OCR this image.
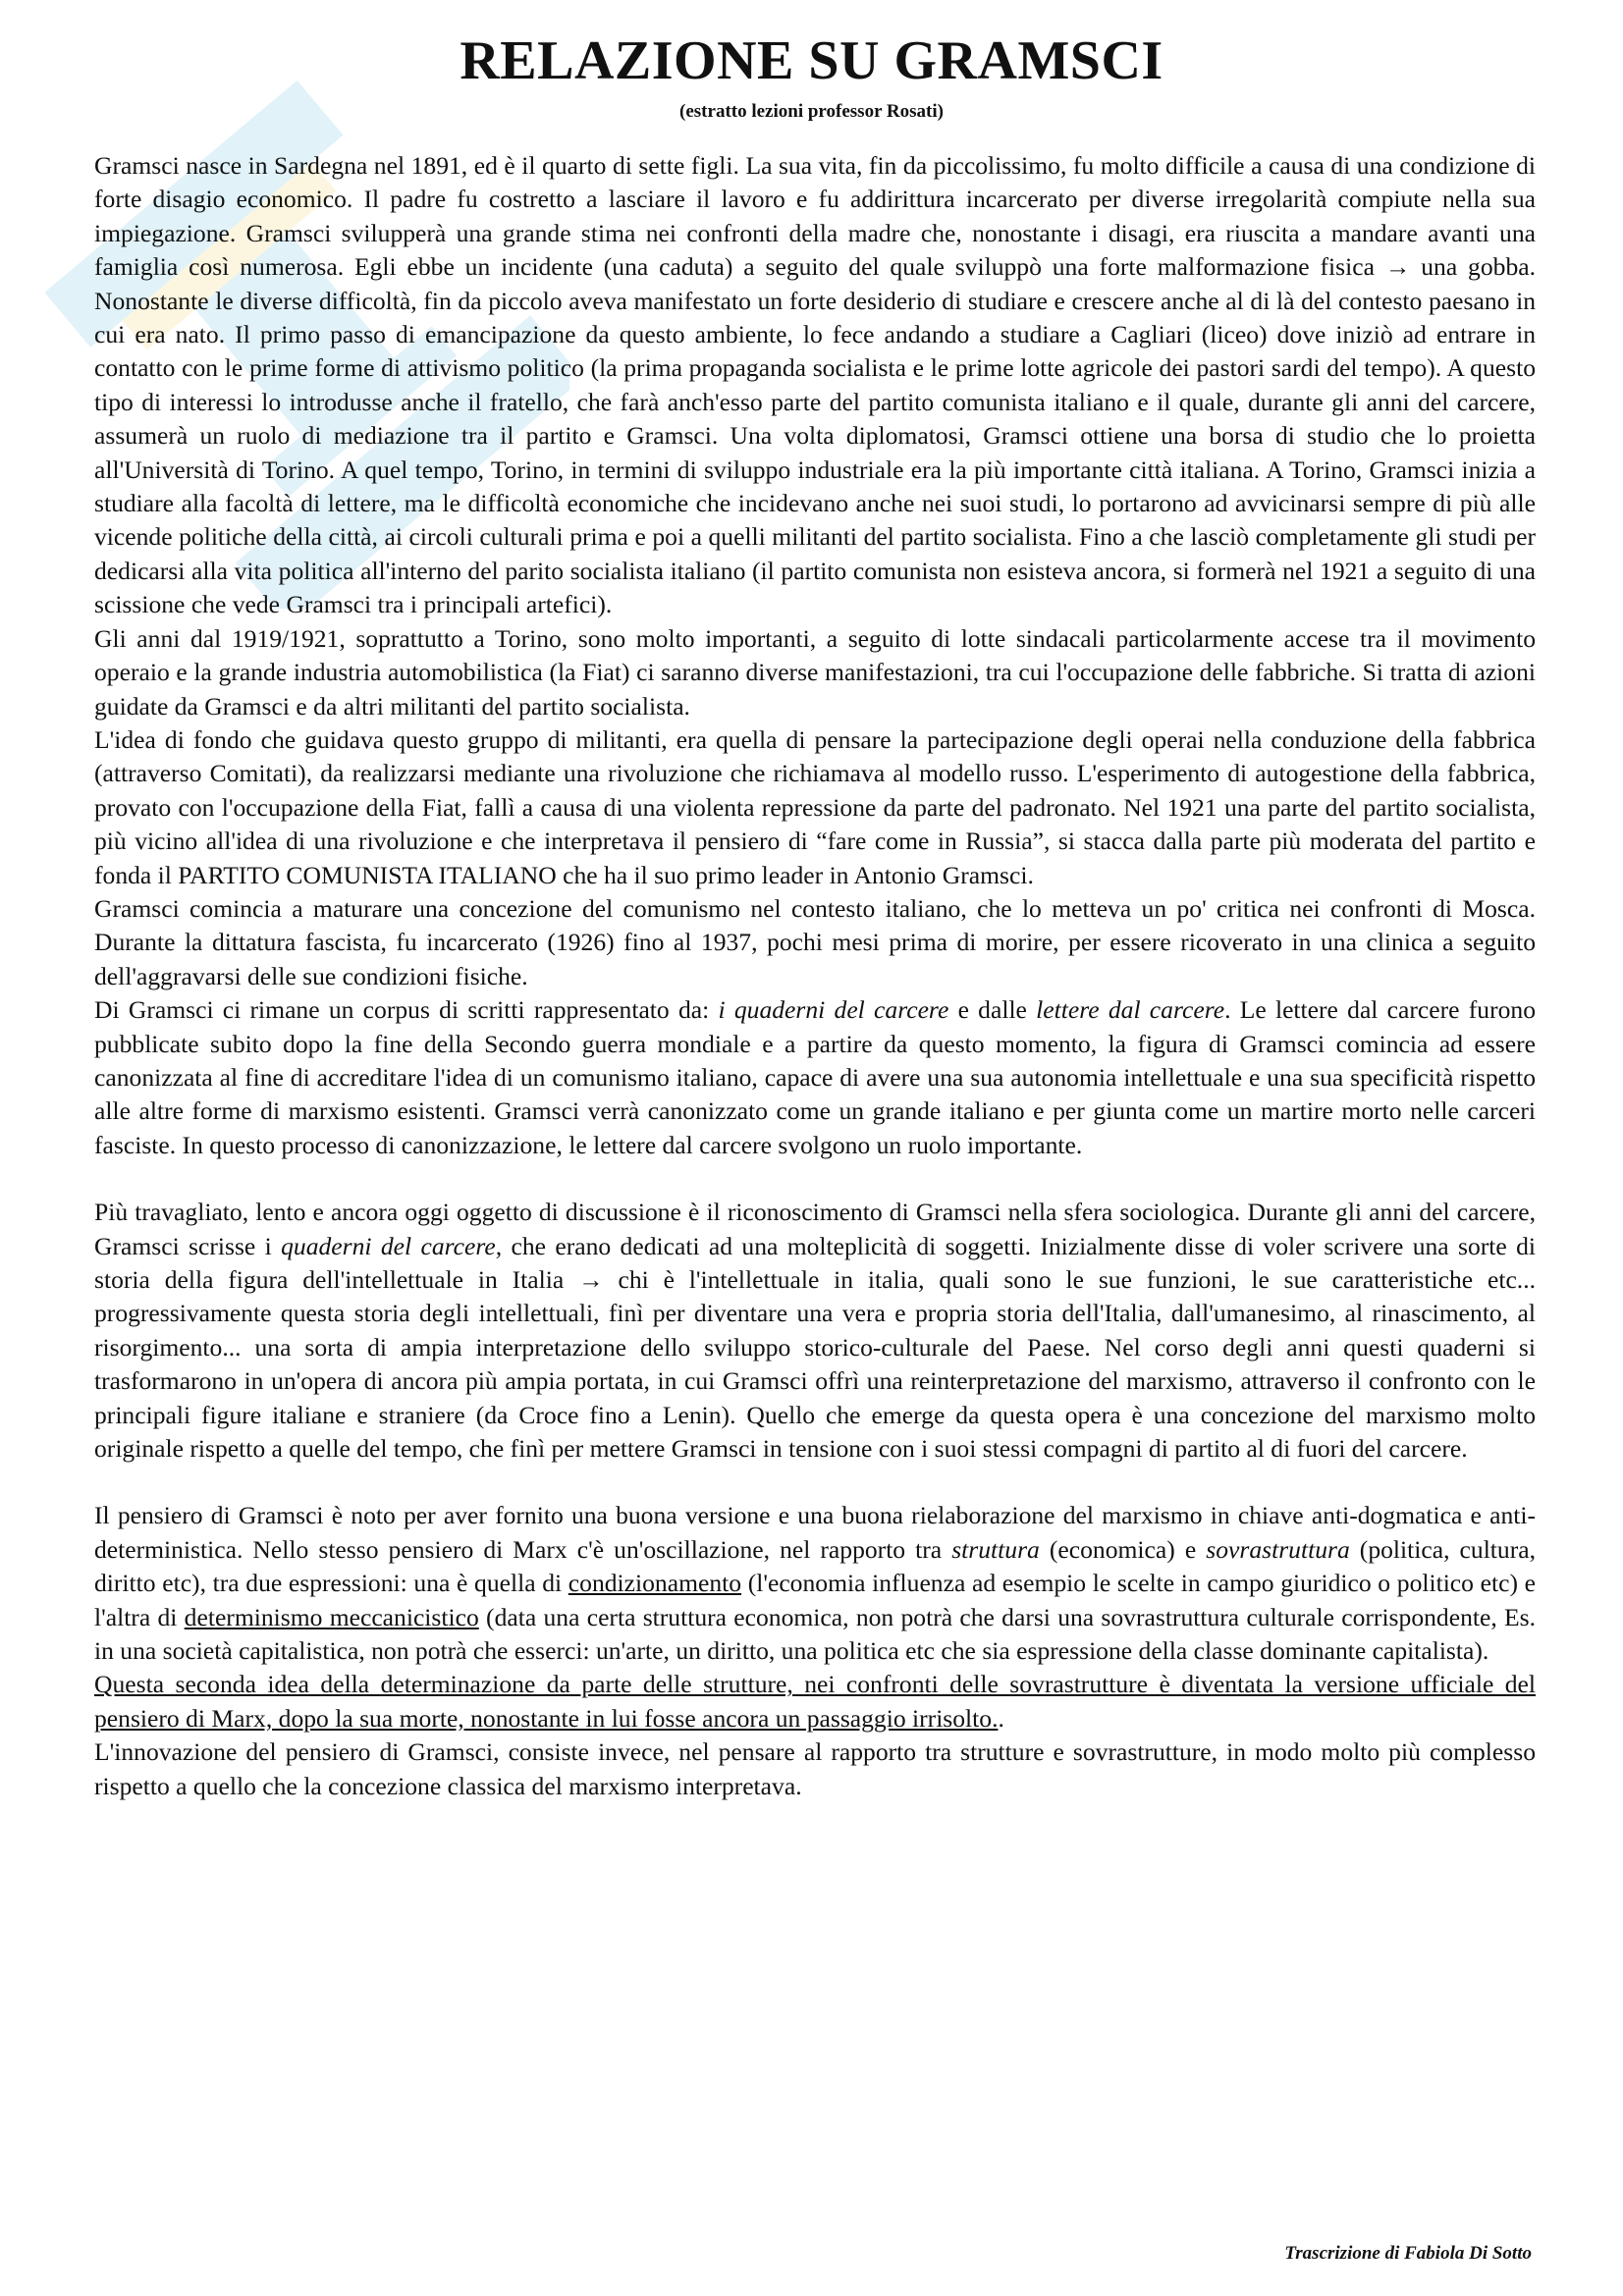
RELAZIONE SU GRAMSCI
(estratto lezioni professor Rosati)

Gramsci nasce in Sardegna nel 1891, ed è il quarto di sette figli. La sua vita, fin da piccolissimo, fu molto difficile a causa di una condizione di forte disagio economico. Il padre fu costretto a lasciare il lavoro e fu addirittura incarcerato per diverse irregolarità compiute nella sua impiegazione. Gramsci svilupperà una grande stima nei confronti della madre che, nonostante i disagi, era riuscita a mandare avanti una famiglia così numerosa. Egli ebbe un incidente (una caduta) a seguito del quale sviluppò una forte malformazione fisica → una gobba. Nonostante le diverse difficoltà, fin da piccolo aveva manifestato un forte desiderio di studiare e crescere anche al di là del contesto paesano in cui era nato. Il primo passo di emancipazione da questo ambiente, lo fece andando a studiare a Cagliari (liceo) dove iniziò ad entrare in contatto con le prime forme di attivismo politico (la prima propaganda socialista e le prime lotte agricole dei pastori sardi del tempo). A questo tipo di interessi lo introdusse anche il fratello, che farà anch'esso parte del partito comunista italiano e il quale, durante gli anni del carcere, assumerà un ruolo di mediazione tra il partito e Gramsci. Una volta diplomatosi, Gramsci ottiene una borsa di studio che lo proietta all'Università di Torino. A quel tempo, Torino, in termini di sviluppo industriale era la più importante città italiana. A Torino, Gramsci inizia a studiare alla facoltà di lettere, ma le difficoltà economiche che incidevano anche nei suoi studi, lo portarono ad avvicinarsi sempre di più alle vicende politiche della città, ai circoli culturali prima e poi a quelli militanti del partito socialista. Fino a che lasciò completamente gli studi per dedicarsi alla vita politica all'interno del parito socialista italiano (il partito comunista non esisteva ancora, si formerà nel 1921 a seguito di una scissione che vede Gramsci tra i principali artefici).

Gli anni dal 1919/1921, soprattutto a Torino, sono molto importanti, a seguito di lotte sindacali particolarmente accese tra il movimento operaio e la grande industria automobilistica (la Fiat) ci saranno diverse manifestazioni, tra cui l'occupazione delle fabbriche. Si tratta di azioni guidate da Gramsci e da altri militanti del partito socialista.

L'idea di fondo che guidava questo gruppo di militanti, era quella di pensare la partecipazione degli operai nella conduzione della fabbrica (attraverso Comitati), da realizzarsi mediante una rivoluzione che richiamava al modello russo. L'esperimento di autogestione della fabbrica, provato con l'occupazione della Fiat, fallì a causa di una violenta repressione da parte del padronato. Nel 1921 una parte del partito socialista, più vicino all'idea di una rivoluzione e che interpretava il pensiero di “fare come in Russia”, si stacca dalla parte più moderata del partito e fonda il PARTITO COMUNISTA ITALIANO che ha il suo primo leader in Antonio Gramsci.

Gramsci comincia a maturare una concezione del comunismo nel contesto italiano, che lo metteva un po' critica nei confronti di Mosca. Durante la dittatura fascista, fu incarcerato (1926) fino al 1937, pochi mesi prima di morire, per essere ricoverato in una clinica a seguito dell'aggravarsi delle sue condizioni fisiche.

Di Gramsci ci rimane un corpus di scritti rappresentato da: i quaderni del carcere e dalle lettere dal carcere. Le lettere dal carcere furono pubblicate subito dopo la fine della Secondo guerra mondiale e a partire da questo momento, la figura di Gramsci comincia ad essere canonizzata al fine di accreditare l'idea di un comunismo italiano, capace di avere una sua autonomia intellettuale e una sua specificità rispetto alle altre forme di marxismo esistenti. Gramsci verrà canonizzato come un grande italiano e per giunta come un martire morto nelle carceri fasciste. In questo processo di canonizzazione, le lettere dal carcere svolgono un ruolo importante.

Più travagliato, lento e ancora oggi oggetto di discussione è il riconoscimento di Gramsci nella sfera sociologica. Durante gli anni del carcere, Gramsci scrisse i quaderni del carcere, che erano dedicati ad una molteplicità di soggetti. Inizialmente disse di voler scrivere una sorte di storia della figura dell'intellettuale in Italia → chi è l'intellettuale in italia, quali sono le sue funzioni, le sue caratteristiche etc... progressivamente questa storia degli intellettuali, finì per diventare una vera e propria storia dell'Italia, dall'umanesimo, al rinascimento, al risorgimento... una sorta di ampia interpretazione dello sviluppo storico-culturale del Paese. Nel corso degli anni questi quaderni si trasformarono in un'opera di ancora più ampia portata, in cui Gramsci offrì una reinterpretazione del marxismo, attraverso il confronto con le principali figure italiane e straniere (da Croce fino a Lenin). Quello che emerge da questa opera è una concezione del marxismo molto originale rispetto a quelle del tempo, che finì per mettere Gramsci in tensione con i suoi stessi compagni di partito al di fuori del carcere.

Il pensiero di Gramsci è noto per aver fornito una buona versione e una buona rielaborazione del marxismo in chiave anti-dogmatica e anti-deterministica. Nello stesso pensiero di Marx c'è un'oscillazione, nel rapporto tra struttura (economica) e sovrastruttura (politica, cultura, diritto etc), tra due espressioni: una è quella di condizionamento (l'economia influenza ad esempio le scelte in campo giuridico o politico etc) e l'altra di determinismo meccanicistico (data una certa struttura economica, non potrà che darsi una sovrastruttura culturale corrispondente, Es. in una società capitalistica, non potrà che esserci: un'arte, un diritto, una politica etc che sia espressione della classe dominante capitalista).

Questa seconda idea della determinazione da parte delle strutture, nei confronti delle sovrastrutture è diventata la versione ufficiale del pensiero di Marx, dopo la sua morte, nonostante in lui fosse ancora un passaggio irrisolto..

L'innovazione del pensiero di Gramsci, consiste invece, nel pensare al rapporto tra strutture e sovrastrutture, in modo molto più complesso rispetto a quello che la concezione classica del marxismo interpretava.

Trascrizione di Fabiola Di Sotto
